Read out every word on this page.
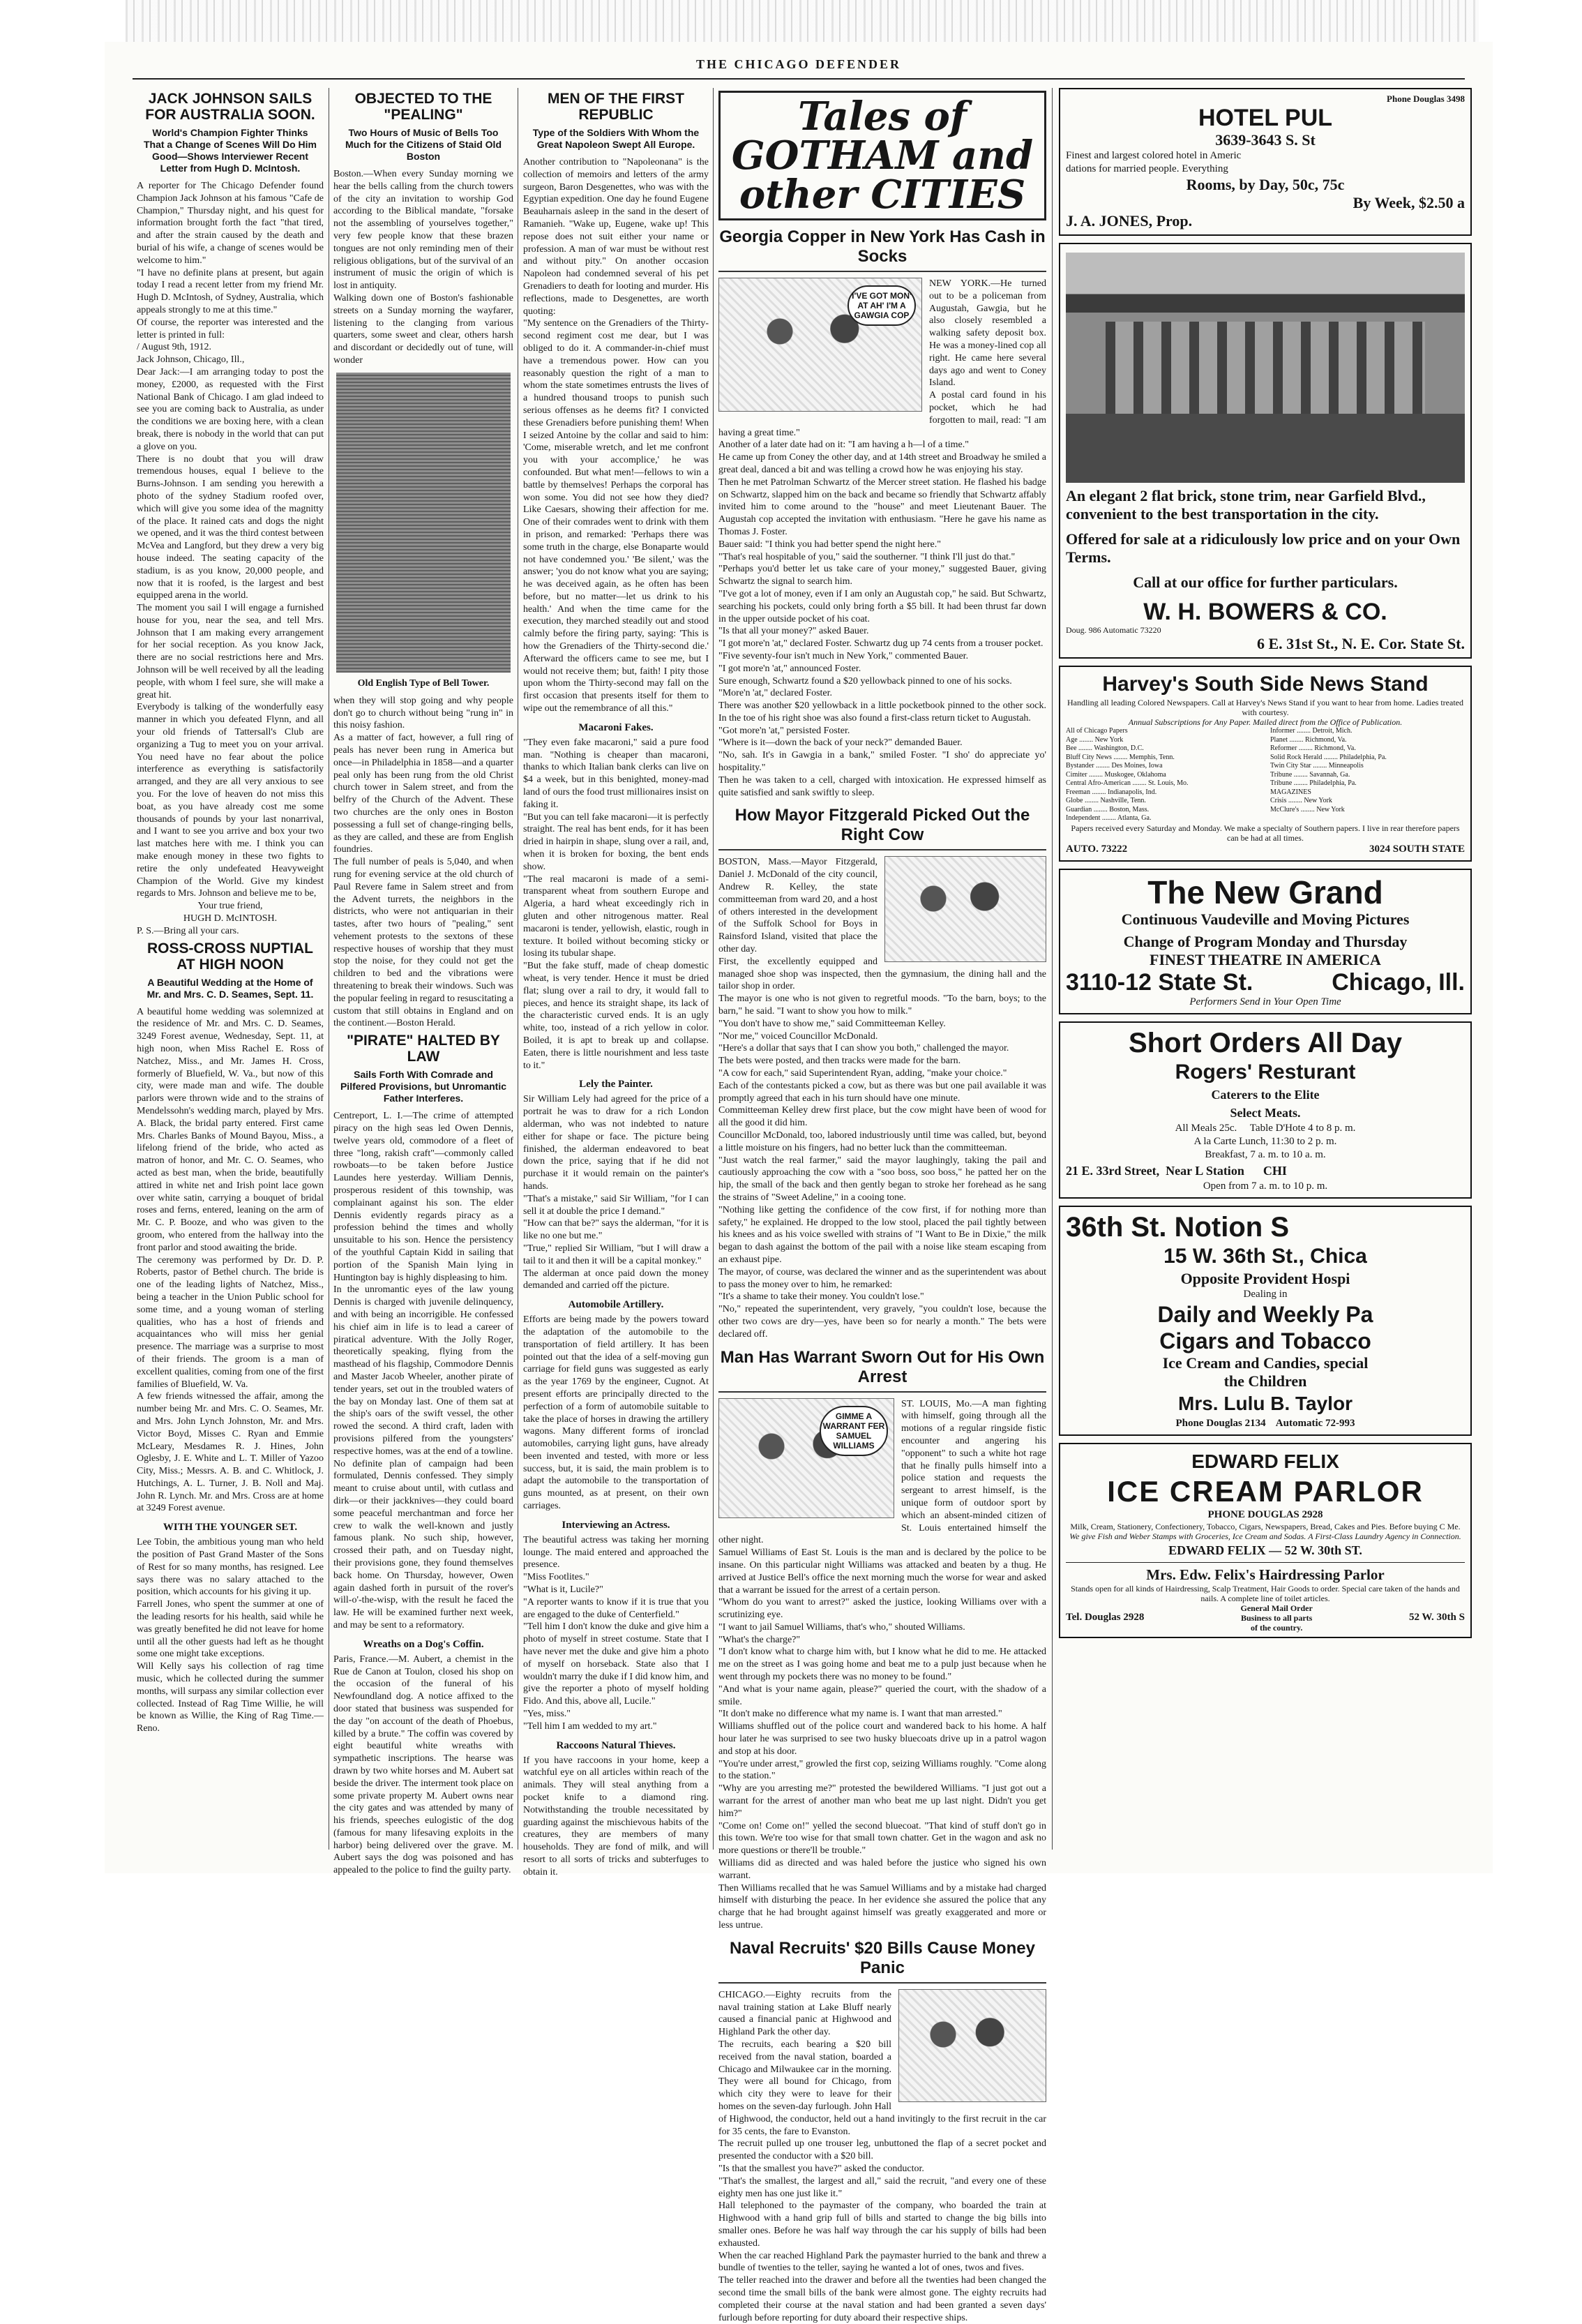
THE CHICAGO DEFENDER
JACK JOHNSON SAILS FOR AUSTRALIA SOON.
World's Champion Fighter Thinks That a Change of Scenes Will Do Him Good—Shows Interviewer Recent Letter from Hugh D. McIntosh.

A reporter for The Chicago Defender found Champion Jack Johnson at his famous "Cafe de Champion," Thursday night, and his quest for information brought forth the fact "that tired, and after the strain caused by the death and burial of his wife, a change of scenes would be welcome to him."
"I have no definite plans at present, but again today I read a recent letter from my friend Mr. Hugh D. McIntosh, of Sydney, Australia, which appeals strongly to me at this time."
Of course, the reporter was interested and the letter is printed in full:
/ August 9th, 1912.
Jack Johnson, Chicago, Ill.,
Dear Jack:—I am arranging today to post the money, £2000, as requested with the First National Bank of Chicago. I am glad indeed to see you are coming back to Australia, as under the conditions we are boxing here, with a clean break, there is nobody in the world that can put a glove on you.
There is no doubt that you will draw tremendous houses, equal I believe to the Burns-Johnson. I am sending you herewith a photo of the sydney Stadium roofed over, which will give you some idea of the magnitty of the place. It rained cats and dogs the night we opened, and it was the third contest between McVea and Langford, but they drew a very big house indeed. The seating capacity of the stadium, is as you know, 20,000 people, and now that it is roofed, is the largest and best equipped arena in the world.
The moment you sail I will engage a furnished house for you, near the sea, and tell Mrs. Johnson that I am making every arrangement for her social reception. As you know Jack, there are no social restrictions here and Mrs. Johnson will be well received by all the leading people, with whom I feel sure, she will make a great hit.
Everybody is talking of the wonderfully easy manner in which you defeated Flynn, and all your old friends of Tattersall's Club are organizing a Tug to meet you on your arrival. You need have no fear about the police interference as everything is satisfactorily arranged, and they are all very anxious to see you. For the love of heaven do not miss this boat, as you have already cost me some thousands of pounds by your last nonarrival, and I want to see you arrive and box your two last matches here with me. I think you can make enough money in these two fights to retire the only undefeated Heavyweight Champion of the World. Give my kindest regards to Mrs. Johnson and believe me to be,

Your true friend,
HUGH D. McINTOSH.

P. S.—Bring all your cars.

ROSS-CROSS NUPTIAL AT HIGH NOON
A Beautiful Wedding at the Home of Mr. and Mrs. C. D. Seames, Sept. 11.

A beautiful home wedding was solemnized at the residence of Mr. and Mrs. C. D. Seames, 3249 Forest avenue, Wednesday, Sept. 11, at high noon, when Miss Rachel E. Ross of Natchez, Miss., and Mr. James H. Cross, formerly of Bluefield, W. Va., but now of this city, were made man and wife. The double parlors were thrown wide and to the strains of Mendelssohn's wedding march, played by Mrs. A. Black, the bridal party entered. First came Mrs. Charles Banks of Mound Bayou, Miss., a lifelong friend of the bride, who acted as matron of honor, and Mr. C. O. Seames, who acted as best man, when the bride, beautifully attired in white net and Irish point lace gown over white satin, carrying a bouquet of bridal roses and ferns, entered, leaning on the arm of Mr. C. P. Booze, and who was given to the groom, who entered from the hallway into the front parlor and stood awaiting the bride.
The ceremony was performed by Dr. D. P. Roberts, pastor of Bethel church. The bride is one of the leading lights of Natchez, Miss., being a teacher in the Union Public school for some time, and a young woman of sterling qualities, who has a host of friends and acquaintances who will miss her genial presence. The marriage was a surprise to most of their friends. The groom is a man of excellent qualities, coming from one of the first families of Bluefield, W. Va.
A few friends witnessed the affair, among the number being Mr. and Mrs. C. O. Seames, Mr. and Mrs. John Lynch Johnston, Mr. and Mrs. Victor Boyd, Misses C. Ryan and Emmie McLeary, Mesdames R. J. Hines, John Oglesby, J. E. White and L. T. Miller of Yazoo City, Miss.; Messrs. A. B. and C. Whitlock, J. Hutchings, A. L. Turner, J. B. Noll and Maj. John R. Lynch. Mr. and Mrs. Cross are at home at 3249 Forest avenue.

WITH THE YOUNGER SET.

Lee Tobin, the ambitious young man who held the position of Past Grand Master of the Sons of Rest for so many months, has resigned. Lee says there was no salary attached to the position, which accounts for his giving it up.
Farrell Jones, who spent the summer at one of the leading resorts for his health, said while he was greatly benefited he did not leave for home until all the other guests had left as he thought some one might take exceptions.
Will Kelly says his collection of rag time music, which he collected during the summer months, will surpass any similar collection ever collected. Instead of Rag Time Willie, he will be known as Willie, the King of Rag Time.—Reno.

OBJECTED TO THE "PEALING"
Two Hours of Music of Bells Too Much for the Citizens of Staid Old Boston

Boston.—When every Sunday morning we hear the bells calling from the church towers of the city an invitation to worship God according to the Biblical mandate, "forsake not the assembling of yourselves together," very few people know that these brazen tongues are not only reminding men of their religious obligations, but of the survival of an instrument of music the origin of which is lost in antiquity.
Walking down one of Boston's fashionable streets on a Sunday morning the wayfarer, listening to the clanging from various quarters, some sweet and clear, others harsh and discordant or decidedly out of tune, will wonder

Old English Type of Bell Tower.

when they will stop going and why people don't go to church without being "rung in" in this noisy fashion.
As a matter of fact, however, a full ring of peals has never been rung in America but once—in Philadelphia in 1858—and a quarter peal only has been rung from the old Christ church tower in Salem street, and from the belfry of the Church of the Advent. These two churches are the only ones in Boston possessing a full set of change-ringing bells, as they are called, and these are from English foundries.
The full number of peals is 5,040, and when rung for evening service at the old church of Paul Revere fame in Salem street and from the Advent turrets, the neighbors in the districts, who were not antiquarian in their tastes, after two hours of "pealing," sent vehement protests to the sextons of these respective houses of worship that they must stop the noise, for they could not get the children to bed and the vibrations were threatening to break their windows. Such was the popular feeling in regard to resuscitating a custom that still obtains in England and on the continent.—Boston Herald.

"PIRATE" HALTED BY LAW
Sails Forth With Comrade and Pilfered Provisions, but Unromantic Father Interferes.

Centreport, L. I.—The crime of attempted piracy on the high seas led Owen Dennis, twelve years old, commodore of a fleet of three "long, rakish craft"—commonly called rowboats—to be taken before Justice Laundes here yesterday. William Dennis, prosperous resident of this township, was complainant against his son. The elder Dennis evidently regards piracy as a profession behind the times and wholly unsuitable to his son. Hence the persistency of the youthful Captain Kidd in sailing that portion of the Spanish Main lying in Huntington bay is highly displeasing to him.
In the unromantic eyes of the law young Dennis is charged with juvenile delinquency, and with being an incorrigible. He confessed his chief aim in life is to lead a career of piratical adventure. With the Jolly Roger, theoretically speaking, flying from the masthead of his flagship, Commodore Dennis and Master Jacob Wheeler, another pirate of tender years, set out in the troubled waters of the bay on Monday last. One of them sat at the ship's oars of the swift vessel, the other rowed the second. A third craft, laden with provisions pilfered from the youngsters' respective homes, was at the end of a towline.
No definite plan of campaign had been formulated, Dennis confessed. They simply meant to cruise about until, with cutlass and dirk—or their jackknives—they could board some peaceful merchantman and force her crew to walk the well-known and justly famous plank. No such ship, however, crossed their path, and on Tuesday night, their provisions gone, they found themselves back home. On Thursday, however, Owen again dashed forth in pursuit of the rover's will-o'-the-wisp, with the result he faced the law. He will be examined further next week, and may be sent to a reformatory.

Wreaths on a Dog's Coffin.

Paris, France.—M. Aubert, a chemist in the Rue de Canon at Toulon, closed his shop on the occasion of the funeral of his Newfoundland dog. A notice affixed to the door stated that business was suspended for the day "on account of the death of Phoebus, killed by a brute." The coffin was covered by eight beautiful white wreaths with sympathetic inscriptions. The hearse was drawn by two white horses and M. Aubert sat beside the driver. The interment took place on some private property M. Aubert owns near the city gates and was attended by many of his friends, speeches eulogistic of the dog (famous for many lifesaving exploits in the harbor) being delivered over the grave. M. Aubert says the dog was poisoned and has appealed to the police to find the guilty party.

MEN OF THE FIRST REPUBLIC
Type of the Soldiers With Whom the Great Napoleon Swept All Europe.

Another contribution to "Napoleonana" is the collection of memoirs and letters of the army surgeon, Baron Desgenettes, who was with the Egyptian expedition. One day he found Eugene Beauharnais asleep in the sand in the desert of Ramanieh. "Wake up, Eugene, wake up! This repose does not suit either your name or profession. A man of war must be without rest and without pity." On another occasion Napoleon had condemned several of his pet Grenadiers to death for looting and murder. His reflections, made to Desgenettes, are worth quoting:
"My sentence on the Grenadiers of the Thirty-second regiment cost me dear, but I was obliged to do it. A commander-in-chief must have a tremendous power. How can you reasonably question the right of a man to whom the state sometimes entrusts the lives of a hundred thousand troops to punish such serious offenses as he deems fit? I convicted these Grenadiers before punishing them! When I seized Antoine by the collar and said to him: 'Come, miserable wretch, and let me confront you with your accomplice,' he was confounded. But what men!—fellows to win a battle by themselves! Perhaps the corporal has won some. You did not see how they died? Like Caesars, showing their affection for me. One of their comrades went to drink with them in prison, and remarked: 'Perhaps there was some truth in the charge, else Bonaparte would not have condemned you.' 'Be silent,' was the answer; 'you do not know what you are saying; he was deceived again, as he often has been before, but no matter—let us drink to his health.' And when the time came for the execution, they marched steadily out and stood calmly before the firing party, saying: 'This is how the Grenadiers of the Thirty-second die.' Afterward the officers came to see me, but I would not receive them; but, faith! I pity those upon whom the Thirty-second may fall on the first occasion that presents itself for them to wipe out the remembrance of all this."

Macaroni Fakes.

"They even fake macaroni," said a pure food man. "Nothing is cheaper than macaroni, thanks to which Italian bank clerks can live on $4 a week, but in this benighted, money-mad land of ours the food trust millionaires insist on faking it.
"But you can tell fake macaroni—it is perfectly straight. The real has bent ends, for it has been dried in hairpin in shape, slung over a rail, and, when it is broken for boxing, the bent ends show.
"The real macaroni is made of a semi-transparent wheat from southern Europe and Algeria, a hard wheat exceedingly rich in gluten and other nitrogenous matter. Real macaroni is tender, yellowish, elastic, rough in texture. It boiled without becoming sticky or losing its tubular shape.
"But the fake stuff, made of cheap domestic wheat, is very tender. Hence it must be dried flat; slung over a rail to dry, it would fall to pieces, and hence its straight shape, its lack of the characteristic curved ends. It is an ugly white, too, instead of a rich yellow in color. Boiled, it is apt to break up and collapse. Eaten, there is little nourishment and less taste to it."

Lely the Painter.

Sir William Lely had agreed for the price of a portrait he was to draw for a rich London alderman, who was not indebted to nature either for shape or face. The picture being finished, the alderman endeavored to beat down the price, saying that if he did not purchase it it would remain on the painter's hands.
"That's a mistake," said Sir William, "for I can sell it at double the price I demand."
"How can that be?" says the alderman, "for it is like no one but me."
"True," replied Sir William, "but I will draw a tail to it and then it will be a capital monkey."
The alderman at once paid down the money demanded and carried off the picture.

Automobile Artillery.

Efforts are being made by the powers toward the adaptation of the automobile to the transportation of field artillery. It has been pointed out that the idea of a self-moving gun carriage for field guns was suggested as early as the year 1769 by the engineer, Cugnot. At present efforts are principally directed to the perfection of a form of automobile suitable to take the place of horses in drawing the artillery wagons. Many different forms of ironclad automobiles, carrying light guns, have already been invented and tested, with more or less success, but, it is said, the main problem is to adapt the automobile to the transportation of guns mounted, as at present, on their own carriages.

Interviewing an Actress.

The beautiful actress was taking her morning lounge. The maid entered and approached the presence.
"Miss Footlites."
"What is it, Lucile?"
"A reporter wants to know if it is true that you are engaged to the duke of Centerfield."
"Tell him I don't know the duke and give him a photo of myself in street costume. State that I have never met the duke and give him a photo of myself on horseback. State also that I wouldn't marry the duke if I did know him, and give the reporter a photo of myself holding Fido. And this, above all, Lucile."
"Yes, miss."
"Tell him I am wedded to my art."

Raccoons Natural Thieves.

If you have raccoons in your home, keep a watchful eye on all articles within reach of the animals. They will steal anything from a pocket knife to a diamond ring. Notwithstanding the trouble necessitated by guarding against the mischievous habits of the creatures, they are members of many households. They are fond of milk, and will resort to all sorts of tricks and subterfuges to obtain it.

Tales of GOTHAM and other CITIES
Georgia Copper in New York Has Cash in Socks
I'VE GOT MON' AT AH' I'M A GAWGIA COP

NEW YORK.—He turned out to be a policeman from Augustah, Gawgia, but he also closely resembled a walking safety deposit box. He was a money-lined cop all right. He came here several days ago and went to Coney Island.
A postal card found in his pocket, which he had forgotten to mail, read: "I am having a great time."
Another of a later date had on it: "I am having a h—l of a time."
He came up from Coney the other day, and at 14th street and Broadway he smiled a great deal, danced a bit and was telling a crowd how he was enjoying his stay.
Then he met Patrolman Schwartz of the Mercer street station. He flashed his badge on Schwartz, slapped him on the back and became so friendly that Schwartz affably invited him to come around to the "house" and meet Lieutenant Bauer. The Augustah cop accepted the invitation with enthusiasm. "Here he gave his name as Thomas J. Foster.
Bauer said: "I think you had better spend the night here."
"That's real hospitable of you," said the southerner. "I think I'll just do that."
"Perhaps you'd better let us take care of your money," suggested Bauer, giving Schwartz the signal to search him.
"I've got a lot of money, even if I am only an Augustah cop," he said. But Schwartz, searching his pockets, could only bring forth a $5 bill. It had been thrust far down in the upper outside pocket of his coat.
"Is that all your money?" asked Bauer.
"I got more'n 'at," declared Foster. Schwartz dug up 74 cents from a trouser pocket.
"Five seventy-four isn't much in New York," commented Bauer.
"I got more'n 'at," announced Foster.
Sure enough, Schwartz found a $20 yellowback pinned to one of his socks.
"More'n 'at," declared Foster.
There was another $20 yellowback in a little pocketbook pinned to the other sock. In the toe of his right shoe was also found a first-class return ticket to Augustah.
"Got more'n 'at," persisted Foster.
"Where is it—down the back of your neck?" demanded Bauer.
"No, sah. It's in Gawgia in a bank," smiled Foster. "I sho' do appreciate yo' hospitality."
Then he was taken to a cell, charged with intoxication. He expressed himself as quite satisfied and sank swiftly to sleep.

How Mayor Fitzgerald Picked Out the Right Cow

BOSTON, Mass.—Mayor Fitzgerald, Daniel J. McDonald of the city council, Andrew R. Kelley, the state committeeman from ward 20, and a host of others interested in the development of the Suffolk School for Boys in Rainsford Island, visited that place the other day.
First, the excellently equipped and managed shoe shop was inspected, then the gymnasium, the dining hall and the tailor shop in order.
The mayor is one who is not given to regretful moods. "To the barn, boys; to the barn," he said. "I want to show you how to milk."
"You don't have to show me," said Committeeman Kelley.
"Nor me," voiced Councillor McDonald.
"Here's a dollar that says that I can show you both," challenged the mayor.
The bets were posted, and then tracks were made for the barn.
"A cow for each," said Superintendent Ryan, adding, "make your choice."
Each of the contestants picked a cow, but as there was but one pail available it was promptly agreed that each in his turn should have one minute.
Committeeman Kelley drew first place, but the cow might have been of wood for all the good it did him.
Councillor McDonald, too, labored industriously until time was called, but, beyond a little moisture on his fingers, had no better luck than the committeeman.
"Just watch the real farmer," said the mayor laughingly, taking the pail and cautiously approaching the cow with a "soo boss, soo boss," he patted her on the hip, the small of the back and then gently began to stroke her forehead as he sang the strains of "Sweet Adeline," in a cooing tone.
"Nothing like getting the confidence of the cow first, if for nothing more than safety," he explained. He dropped to the low stool, placed the pail tightly between his knees and as his voice swelled with strains of "I Want to Be in Dixie," the milk began to dash against the bottom of the pail with a noise like steam escaping from an exhaust pipe.
The mayor, of course, was declared the winner and as the superintendent was about to pass the money over to him, he remarked:
"It's a shame to take their money. You couldn't lose."
"No," repeated the superintendent, very gravely, "you couldn't lose, because the other two cows are dry—yes, have been so for nearly a month." The bets were declared off.

Man Has Warrant Sworn Out for His Own Arrest
GIMME A WARRANT FER SAMUEL WILLIAMS

ST. LOUIS, Mo.—A man fighting with himself, going through all the motions of a regular ringside fistic encounter and angering his "opponent" to such a white hot rage that he finally pulls himself into a police station and requests the sergeant to arrest himself, is the unique form of outdoor sport by which an absent-minded citizen of St. Louis entertained himself the other night.
Samuel Williams of East St. Louis is the man and is declared by the police to be insane. On this particular night Williams was attacked and beaten by a thug. He arrived at Justice Bell's office the next morning much the worse for wear and asked that a warrant be issued for the arrest of a certain person.
"Whom do you want to arrest?" asked the justice, looking Williams over with a scrutinizing eye.
"I want to jail Samuel Williams, that's who," shouted Williams.
"What's the charge?"
"I don't know what to charge him with, but I know what he did to me. He attacked me on the street as I was going home and beat me to a pulp just because when he went through my pockets there was no money to be found."
"And what is your name again, please?" queried the court, with the shadow of a smile.
"It don't make no difference what my name is. I want that man arrested."
Williams shuffled out of the police court and wandered back to his home. A half hour later he was surprised to see two husky bluecoats drive up in a patrol wagon and stop at his door.
"You're under arrest," growled the first cop, seizing Williams roughly. "Come along to the station."
"Why are you arresting me?" protested the bewildered Williams. "I just got out a warrant for the arrest of another man who beat me up last night. Didn't you get him?"
"Come on! Come on!" yelled the second bluecoat. "That kind of stuff don't go in this town. We're too wise for that small town chatter. Get in the wagon and ask no more questions or there'll be trouble."
Williams did as directed and was haled before the justice who signed his own warrant.
Then Williams recalled that he was Samuel Williams and by a mistake had charged himself with disturbing the peace. In her evidence she assured the police that any charge that he had brought against himself was greatly exaggerated and more or less untrue.

Naval Recruits' $20 Bills Cause Money Panic

CHICAGO.—Eighty recruits from the naval training station at Lake Bluff nearly caused a financial panic at Highwood and Highland Park the other day.
The recruits, each bearing a $20 bill received from the naval station, boarded a Chicago and Milwaukee car in the morning. They were all bound for Chicago, from which city they were to leave for their homes on the seven-day furlough. John Hall of Highwood, the conductor, held out a hand invitingly to the first recruit in the car for 35 cents, the fare to Evanston.
The recruit pulled up one trouser leg, unbuttoned the flap of a secret pocket and presented the conductor with a $20 bill.
"Is that the smallest you have?" asked the conductor.
"That's the smallest, the largest and all," said the recruit, "and every one of these eighty men has one just like it."
Hall telephoned to the paymaster of the company, who boarded the train at Highwood with a hand grip full of bills and started to change the big bills into smaller ones. Before he was half way through the car his supply of bills had been exhausted.
When the car reached Highland Park the paymaster hurried to the bank and threw a bundle of twenties to the teller, saying he wanted a lot of ones, twos and fives.
The teller reached into the drawer and before all the twenties had been changed the second time the small bills of the bank were almost gone. The eighty recruits had completed their course at the naval station and had been granted a seven days' furlough before reporting for duty aboard their respective ships.

Phone Douglas 3498
HOTEL PUL
3639-3643 S. St
Finest and largest colored hotel in Americ
dations for married people. Everything
Rooms, by Day, 50c, 75c
By Week, $2.50 a
J. A. JONES, Prop.
An elegant 2 flat brick, stone trim, near Garfield Blvd., convenient to the best transportation in the city.
Offered for sale at a ridiculously low price and on your Own Terms.
Call at our office for further particulars.
W. H. BOWERS & CO.
Doug. 986 Automatic 73220
6 E. 31st St., N. E. Cor. State St.
Harvey's South Side News Stand
Handling all leading Colored Newspapers. Call at Harvey's News Stand if you want to hear from home. Ladies treated with courtesy.
Annual Subscriptions for Any Paper. Mailed direct from the Office of Publication.
All of Chicago Papers
Age ........ New York
Bee ........ Washington, D.C.
Bluff City News ........ Memphis, Tenn.
Bystander ........ Des Moines, Iowa
Cimiter ........ Muskogee, Oklahoma
Central Afro-American ........ St. Louis, Mo.
Freeman ........ Indianapolis, Ind.
Globe ........ Nashville, Tenn.
Guardian ........ Boston, Mass.
Independent ........ Atlanta, Ga.
Informer ........ Detroit, Mich.
Planet ........ Richmond, Va.
Reformer ........ Richmond, Va.
Solid Rock Herald ........ Philadelphia, Pa.
Twin City Star ........ Minneapolis
Tribune ........ Savannah, Ga.
Tribune ........ Philadelphia, Pa.
MAGAZINES
Crisis ........ New York
McClure's ........ New York
Papers received every Saturday and Monday. We make a specialty of Southern papers. I live in rear therefore papers can be had at all times.
AUTO. 73222	3024 SOUTH STATE
The New Grand
Continuous Vaudeville and Moving Pictures
Change of Program Monday and Thursday
FINEST THEATRE IN AMERICA
3110-12 State St.	Chicago, Ill.
Performers Send in Your Open Time
Short Orders All Day
Rogers' Resturant
Caterers to the Elite
Select Meats.
All Meals 25c.     Table D'Hote 4 to 8 p. m.
A la Carte Lunch, 11:30 to 2 p. m.
Breakfast, 7 a. m. to 10 a. m.
21 E. 33rd Street,  Near L Station      CHI
Open from 7 a. m. to 10 p. m.
36th St. Notion S
15 W. 36th St., Chica
Opposite Provident Hospi
Dealing in
Daily and Weekly Pa
Cigars and Tobacco
Ice Cream and Candies, special
the Children
Mrs. Lulu B. Taylor
Phone Douglas 2134    Automatic 72-993
EDWARD FELIX
ICE CREAM PARLOR
PHONE DOUGLAS 2928
Milk, Cream, Stationery, Confectionery, Tobacco, Cigars, Newspapers, Bread, Cakes and Pies. Before buying C Me.
We give Fish and Weber Stamps with Groceries, Ice Cream and Sodas. A First-Class Laundry Agency in Connection.
EDWARD FELIX — 52 W. 30th ST.
Mrs. Edw. Felix's Hairdressing Parlor
Stands open for all kinds of Hairdressing, Scalp Treatment, Hair Goods to order. Special care taken of the hands and nails. A complete line of toilet articles.
Tel. Douglas 2928
General Mail Order Business to all parts of the country.
52 W. 30th S
